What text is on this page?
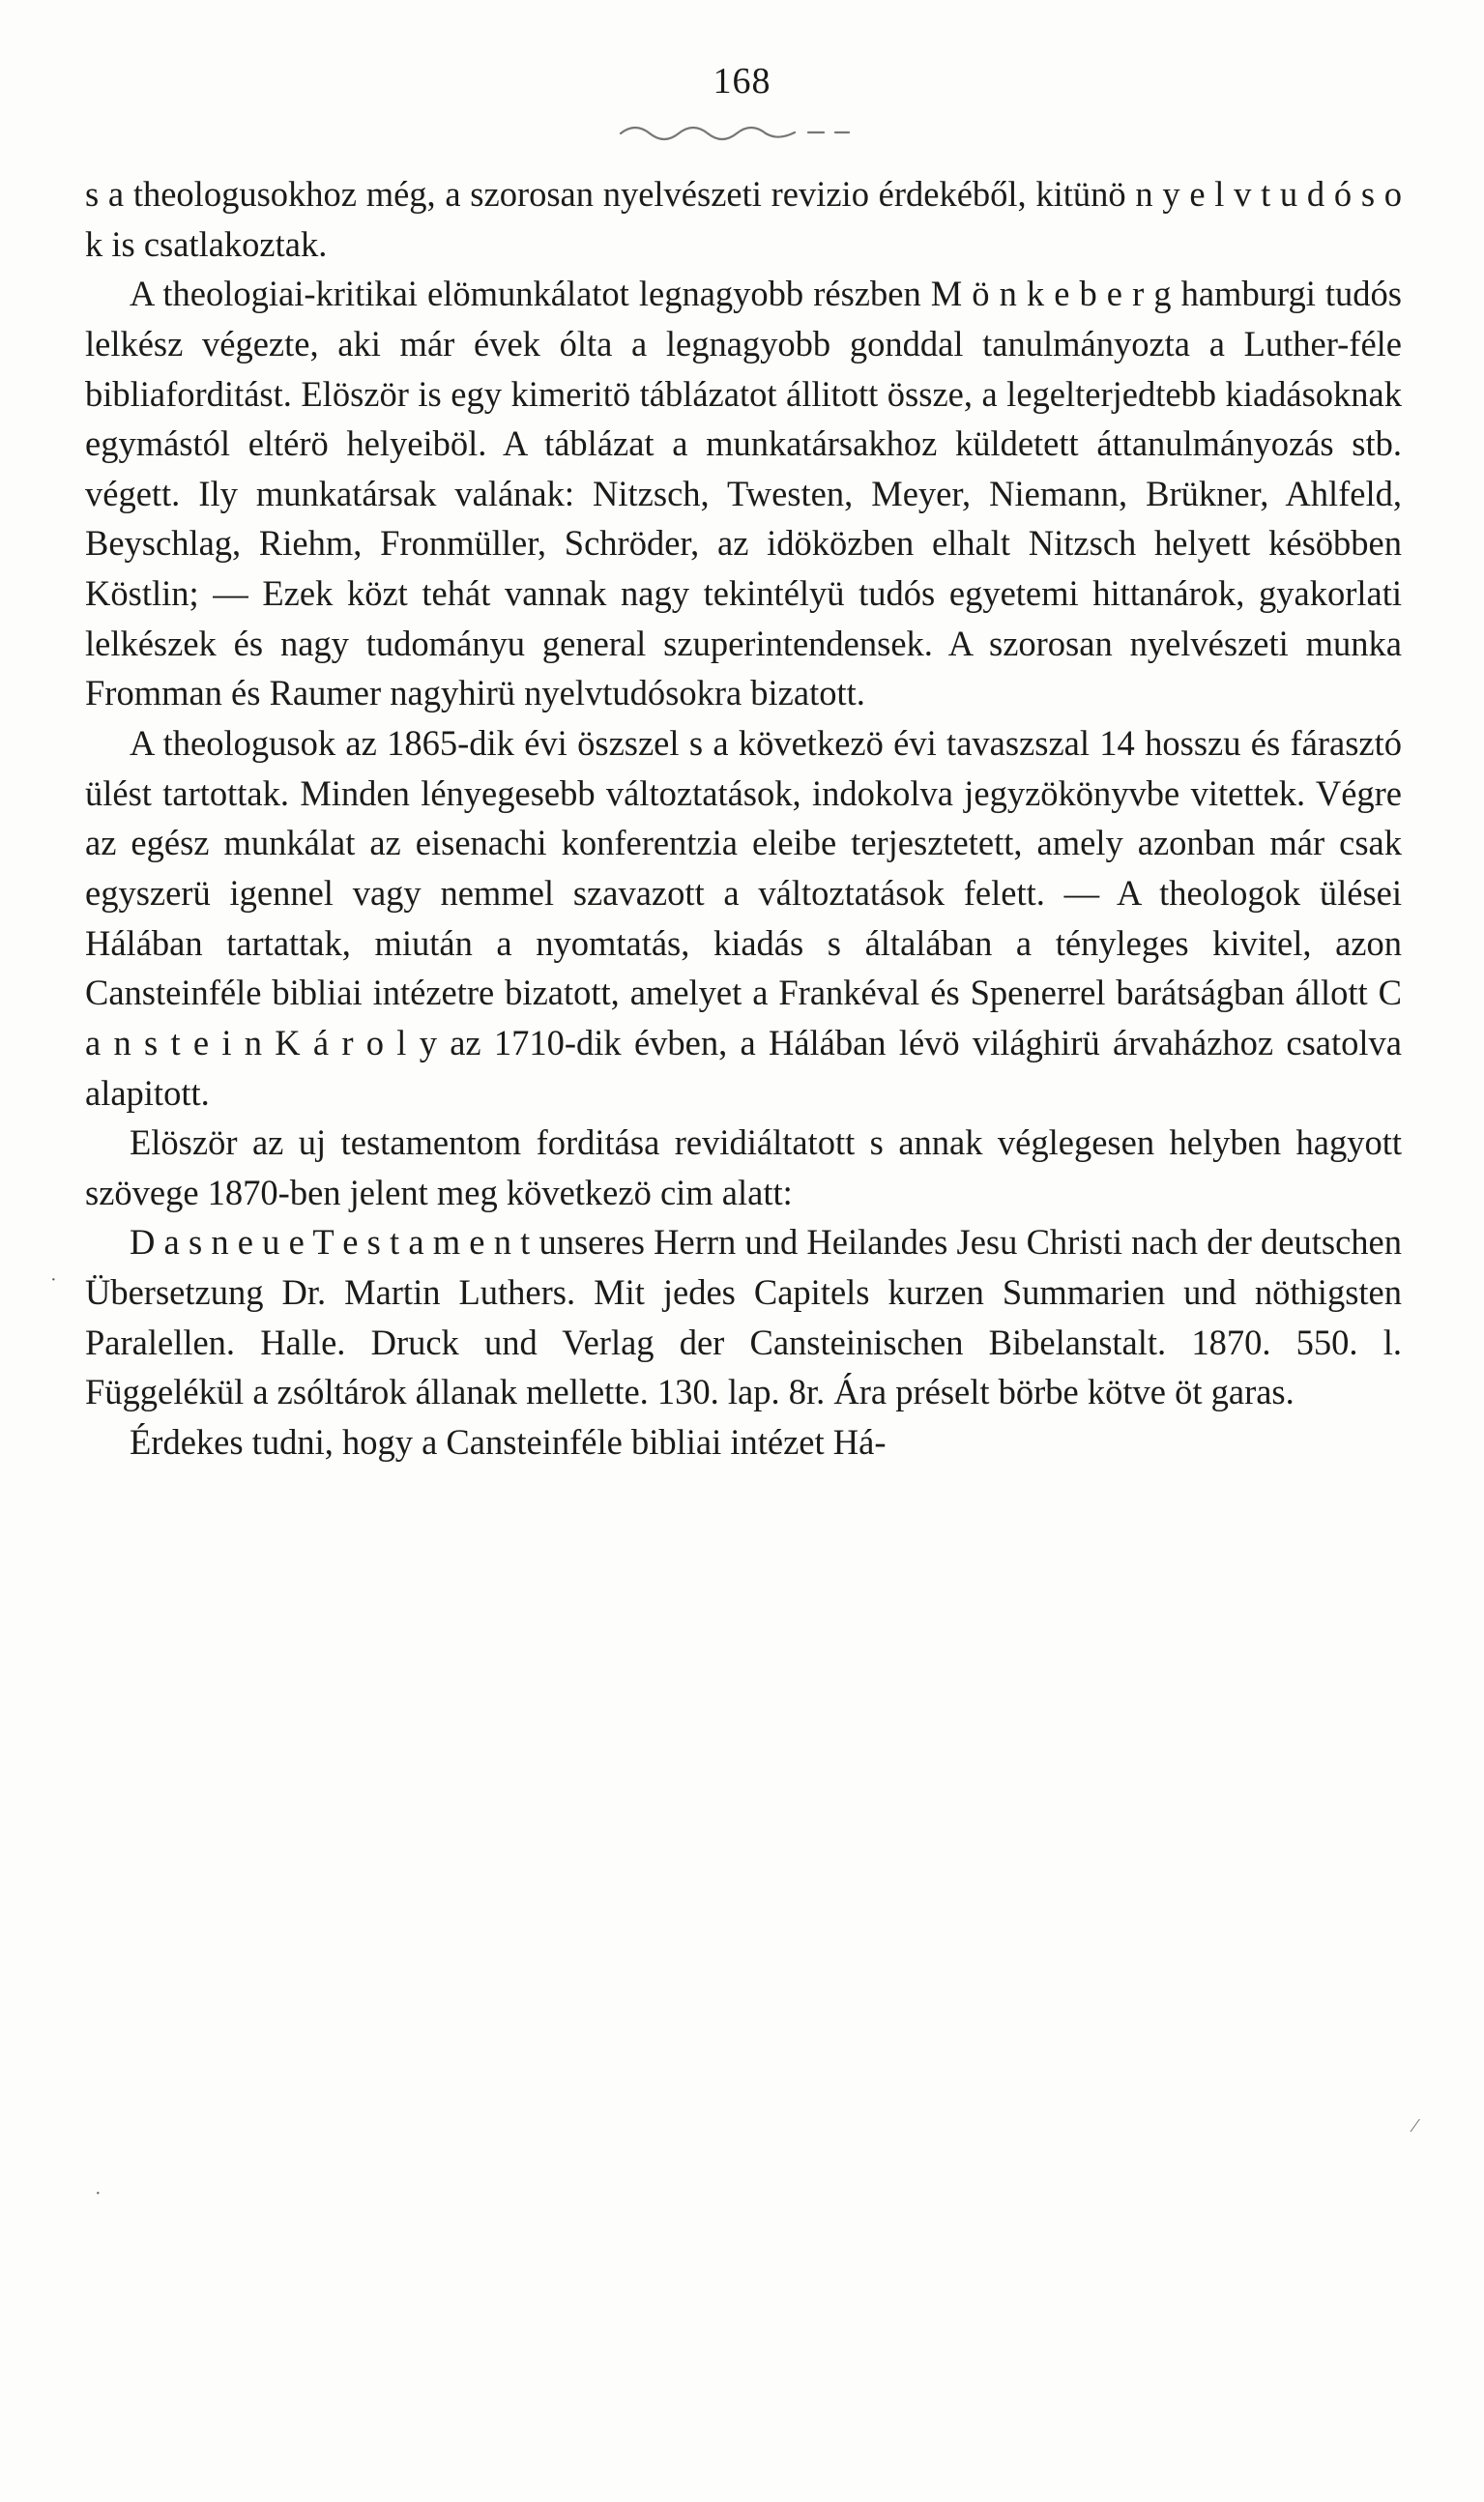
168

s a theologusokhoz még, a szorosan nyelvészeti revizio érdekéből, kitünö n y e l v t u d ó s o k is csatlakoztak.

A theologiai-kritikai elömunkálatot legnagyobb részben M ö n k e b e r g hamburgi tudós lelkész végezte, aki már évek ólta a legnagyobb gonddal tanulmányozta a Luther-féle bibliaforditást. Elöször is egy kimeritö táblázatot állitott össze, a legelterjedtebb kiadásoknak egymástól eltérö helyeiböl. A táblázat a munkatársakhoz küldetett áttanulmányozás stb. végett. Ily munkatársak valának: Nitzsch, Twesten, Meyer, Niemann, Brükner, Ahlfeld, Beyschlag, Riehm, Fronmüller, Schröder, az idöközben elhalt Nitzsch helyett késöbben Köstlin; — Ezek közt tehát vannak nagy tekintélyü tudós egyetemi hittanárok, gyakorlati lelkészek és nagy tudományu general szuperintendensek. A szorosan nyelvészeti munka Fromman és Raumer nagyhirü nyelvtudósokra bizatott.

A theologusok az 1865-dik évi öszszel s a következö évi tavaszszal 14 hosszu és fárasztó ülést tartottak. Minden lényegesebb változtatások, indokolva jegyzökönyvbe vitettek. Végre az egész munkálat az eisenachi konferentzia eleibe terjesztetett, amely azonban már csak egyszerü igennel vagy nemmel szavazott a változtatások felett. — A theologok ülései Hálában tartattak, miután a nyomtatás, kiadás s általában a tényleges kivitel, azon Cansteinféle bibliai intézetre bizatott, amelyet a Frankéval és Spenerrel barátságban állott C a n s t e i n K á r o l y az 1710-dik évben, a Hálában lévö világhirü árvaházhoz csatolva alapitott.

Elöször az uj testamentom forditása revidiáltatott s annak véglegesen helyben hagyott szövege 1870-ben jelent meg következö cim alatt:

D a s n e u e T e s t a m e n t unseres Herrn und Heilandes Jesu Christi nach der deutschen Übersetzung Dr. Martin Luthers. Mit jedes Capitels kurzen Summarien und nöthigsten Paralellen. Halle. Druck und Verlag der Cansteinischen Bibelanstalt. 1870. 550. l. Függelékül a zsóltárok állanak mellette. 130. lap. 8r. Ára préselt börbe kötve öt garas.

Érdekes tudni, hogy a Cansteinféle bibliai intézet Há-

·
⁄
·
